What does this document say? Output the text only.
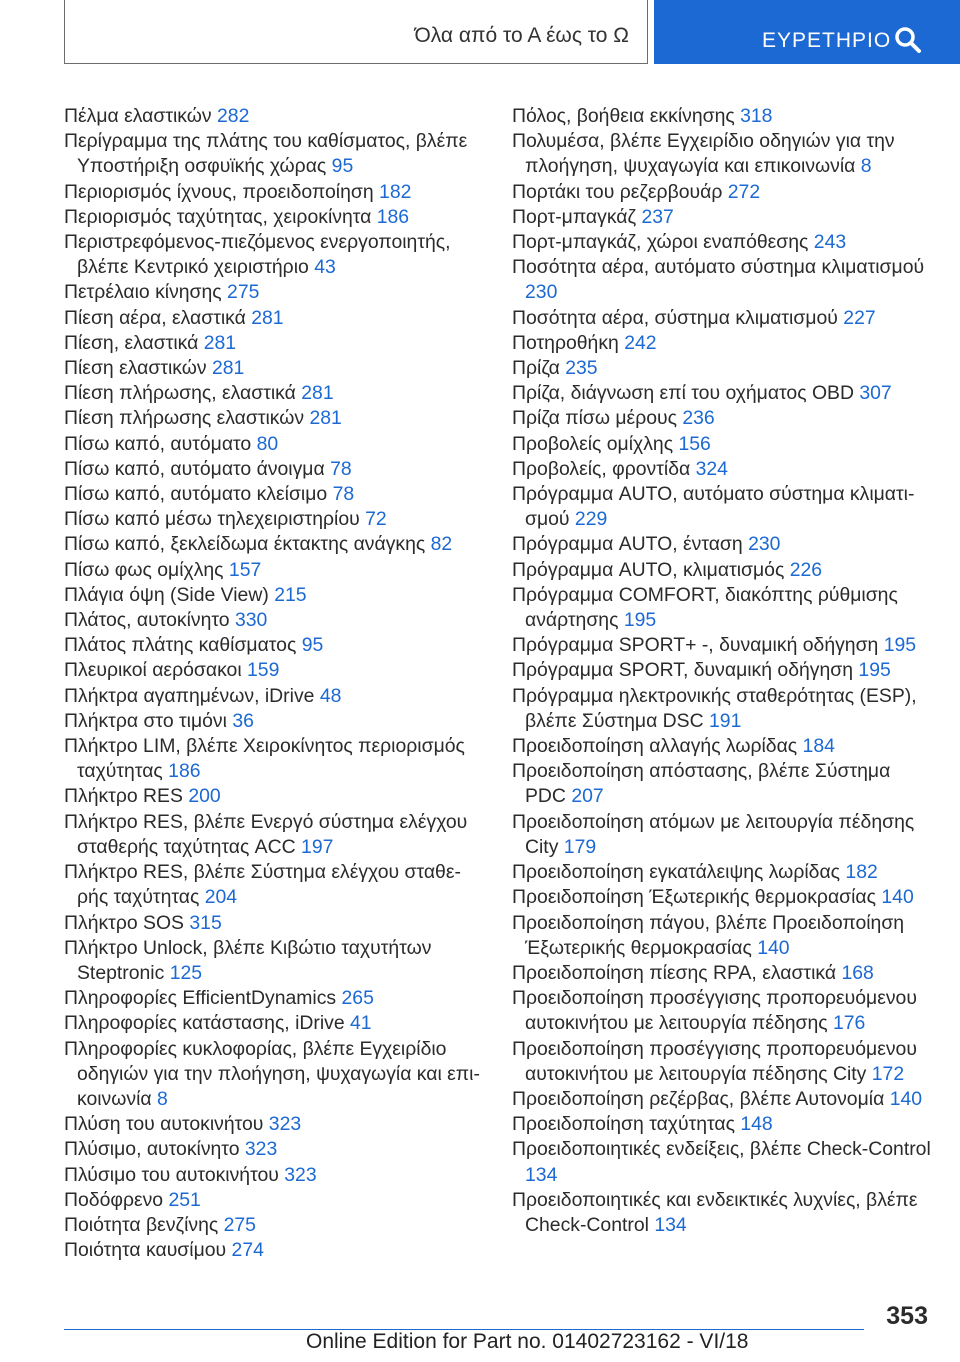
Όλα από το Α έως το Ω	ΕΥΡΕΤΗΡΙΟ
Πέλμα ελαστικών 282
Περίγραμμα της πλάτης του καθίσματος, βλέπε Υποστήριξη οσφυϊκής χώρας 95
Περιορισμός ίχνους, προειδοποίηση 182
Περιορισμός ταχύτητας, χειροκίνητα 186
Περιστρεφόμενος-πιεζόμενος ενεργοποιητής, βλέπε Κεντρικό χειριστήριο 43
Πετρέλαιο κίνησης 275
Πίεση αέρα, ελαστικά 281
Πίεση, ελαστικά 281
Πίεση ελαστικών 281
Πίεση πλήρωσης, ελαστικά 281
Πίεση πλήρωσης ελαστικών 281
Πίσω καπό, αυτόματο 80
Πίσω καπό, αυτόματο άνοιγμα 78
Πίσω καπό, αυτόματο κλείσιμο 78
Πίσω καπό μέσω τηλεχειριστηρίου 72
Πίσω καπό, ξεκλείδωμα έκτακτης ανάγκης 82
Πίσω φως ομίχλης 157
Πλάγια όψη (Side View) 215
Πλάτος, αυτοκίνητο 330
Πλάτος πλάτης καθίσματος 95
Πλευρικοί αερόσακοι 159
Πλήκτρα αγαπημένων, iDrive 48
Πλήκτρα στο τιμόνι 36
Πλήκτρο LIM, βλέπε Χειροκίνητος περιορισμός ταχύτητας 186
Πλήκτρο RES 200
Πλήκτρο RES, βλέπε Ενεργό σύστημα ελέγχου σταθερής ταχύτητας ACC 197
Πλήκτρο RES, βλέπε Σύστημα ελέγχου σταθερής ταχύτητας 204
Πλήκτρο SOS 315
Πλήκτρο Unlock, βλέπε Κιβώτιο ταχυτήτων Steptronic 125
Πληροφορίες EfficientDynamics 265
Πληροφορίες κατάστασης, iDrive 41
Πληροφορίες κυκλοφορίας, βλέπε Εγχειρίδιο οδηγιών για την πλοήγηση, ψυχαγωγία και επικοινωνία 8
Πλύση του αυτοκινήτου 323
Πλύσιμο, αυτοκίνητο 323
Πλύσιμο του αυτοκινήτου 323
Ποδόφρενο 251
Ποιότητα βενζίνης 275
Ποιότητα καυσίμου 274
Πόλος, βοήθεια εκκίνησης 318
Πολυμέσα, βλέπε Εγχειρίδιο οδηγιών για την πλοήγηση, ψυχαγωγία και επικοινωνία 8
Πορτάκι του ρεζερβουάρ 272
Πορτ-μπαγκάζ 237
Πορτ-μπαγκάζ, χώροι εναπόθεσης 243
Ποσότητα αέρα, αυτόματο σύστημα κλιματισμού 230
Ποσότητα αέρα, σύστημα κλιματισμού 227
Ποτηροθήκη 242
Πρίζα 235
Πρίζα, διάγνωση επί του οχήματος OBD 307
Πρίζα πίσω μέρους 236
Προβολείς ομίχλης 156
Προβολείς, φροντίδα 324
Πρόγραμμα AUTO, αυτόματο σύστημα κλιματισμού 229
Πρόγραμμα AUTO, ένταση 230
Πρόγραμμα AUTO, κλιματισμός 226
Πρόγραμμα COMFORT, διακόπτης ρύθμισης ανάρτησης 195
Πρόγραμμα SPORT+ -, δυναμική οδήγηση 195
Πρόγραμμα SPORT, δυναμική οδήγηση 195
Πρόγραμμα ηλεκτρονικής σταθερότητας (ESP), βλέπε Σύστημα DSC 191
Προειδοποίηση αλλαγής λωρίδας 184
Προειδοποίηση απόστασης, βλέπε Σύστημα PDC 207
Προειδοποίηση ατόμων με λειτουργία πέδησης City 179
Προειδοποίηση εγκατάλειψης λωρίδας 182
Προειδοποίηση Έξωτερικής θερμοκρασίας 140
Προειδοποίηση πάγου, βλέπε Προειδοποίηση Έξωτερικής θερμοκρασίας 140
Προειδοποίηση πίεσης RPA, ελαστικά 168
Προειδοποίηση προσέγγισης προπορευόμενου αυτοκινήτου με λειτουργία πέδησης 176
Προειδοποίηση προσέγγισης προπορευόμενου αυτοκινήτου με λειτουργία πέδησης City 172
Προειδοποίηση ρεζέρβας, βλέπε Αυτονομία 140
Προειδοποίηση ταχύτητας 148
Προειδοποιητικές ενδείξεις, βλέπε Check-Control 134
Προειδοποιητικές και ενδεικτικές λυχνίες, βλέπε Check-Control 134
353
Online Edition for Part no. 01402723162 - VI/18
